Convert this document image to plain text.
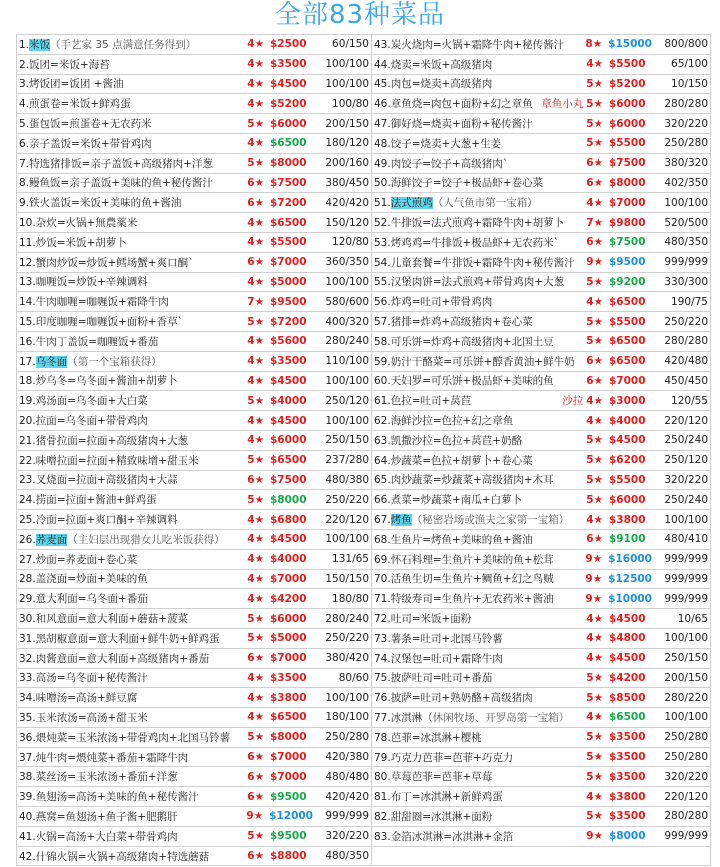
全部83种菜品
1.米饭（手艺家 35 点满意任务得到） 4★ $2500 60/150	43.炭火烧肉=火锅+霜降牛肉+秘传酱汁 8★ $15000 800/800

2.饭团=米饭+海苔 4★ $3500 100/100	44.烧卖=米饭+高级猪肉 4★ $5500 65/100

3.烤饭团=饭团 +酱油 4★ $4500 100/100	45.肉包=烧卖+高级猪肉 5★ $5200 10/150

4.煎蛋卷=米饭+鲜鸡蛋 4★ $5200 100/80	46.章鱼烧=肉包+面粉+幻之章鱼 章鱼小丸 5★ $6000 280/280

5.蛋包饭=煎蛋卷+无农药米 5★ $6000 200/150	47.御好烧=烧卖+面粉+秘传酱汁 5★ $6000 320/220

6.亲子盖饭=米饭+带骨鸡肉 4★ $6500 180/120	48.饺子=烧卖+大葱+生姜 5★ $5500 250/280

7.特选猪排饭=亲子盖饭+高级猪肉+洋葱 5★ $8000 200/160	49.肉饺子=饺子+高级猪肉` 6★ $7500 380/320

8.鳗鱼饭=亲子盖饭+美味的鱼+秘传酱汁 6★ $7500 380/450	50.海鲜饺子=饺子+极品虾+卷心菜 6★ $8000 402/350

9.铁火盖饭=米饭+美味的鱼+酱油 6★ $7200 420/420	51.法式煎鸡（人气鱼市第一宝箱） 4★ $7000 100/100

10.杂炊=火锅+無農薬米 4★ $6500 150/120	52.牛排饭=法式煎鸡+霜降牛肉+胡萝卜 7★ $9800 520/500

11.炒饭=米饭+胡萝卜 4★ $5500 120/80	53.烤鸡鸡=牛排饭+极品虾+无农药米` 6★ $7500 480/350

12.蟹肉炒饭=炒饭+鳕场蟹+爽口酮` 6★ $7000 360/350	54.儿童套餐=牛排饭+霜降牛肉+秘传酱汁 9★ $9500 999/999

13.咖喱饭=炒饭+辛辣调料 4★ $5000 100/100	55.汉堡肉饼=法式煎鸡+带骨鸡肉+大葱 5★ $9200 330/300

14.牛肉咖喱=咖喱饭+霜降牛肉 7★ $9500 580/600	56.炸鸡=吐司+带骨鸡肉 4★ $6500 190/75

15.印度咖喱=咖喱饭+面粉+香草` 5★ $7200 400/320	57.猪排=炸鸡+高级猪肉+卷心菜 5★ $5500 250/220

16.牛肉丁盖饭=咖喱饭+番茄 4★ $5600 280/240	58.可乐饼=炸鸡+高级猪肉+北国土豆 5★ $6500 280/280

17.乌冬面（第一个宝箱获得） 4★ $3500 110/100	59.奶汁干酪菜=可乐饼+醇香黄油+鲜牛奶 6★ $6500 420/480

18.炒乌冬=乌冬面+酱油+胡萝卜 4★ $4500 100/100	60.天妇罗=可乐饼+极品虾+美味的鱼 6★ $7000 450/450

19.鸡汤面=乌冬面+大白菜 5★ $4000 250/120	61.色拉=吐司+莴苣 沙拉 4★ $3000 120/55

20.拉面=乌冬面+带骨鸡肉 4★ $4500 100/100	62.海鲜沙拉=色拉+幻之章鱼 4★ $4000 220/120

21.猪骨拉面=拉面+高级猪肉+大葱 4★ $6000 250/150	63.凯撒沙拉=色拉+莴苣+奶酪 5★ $4500 250/240

22.味噌拉面=拉面+精致味增+甜玉米 5★ $6500 237/280	64.炒蔬菜=色拉+胡萝卜+卷心菜 5★ $6200 250/120

23.叉烧面=拉面+高级猪肉+大蒜 6★ $7500 480/380	65.肉炒蔬菜=炒蔬菜+高级猪肉+木耳 5★ $5500 320/220

24.捞面=拉面+酱油+鲜鸡蛋 5★ $8000 250/220	66.煮菜=炒蔬菜+南瓜+白萝卜 5★ $6000 250/240

25.冷面=拉面+爽口酮+辛辣调料 4★ $6800 220/120	67.烤鱼（秘密岩场或渔夫之家第一宝箱） 4★ $3800 100/100

26.荞麦面（主妇层出现猎女儿吃米饭获得） 4★ $4500 100/100	68.生鱼片=烤鱼+美味的鱼+酱油 6★ $9100 480/410

27.炒面=荞麦面+卷心菜 4★ $4000 131/65	69.怀石料理=生鱼片+美味的鱼+松茸 9★ $16000 999/999

28.盖浇面=炒面+美味的鱼 4★ $7000 150/150	70.活鱼生切=生鱼片+鲷鱼+幻之鸟贼 9★ $12500 999/999

29.意大利面=乌冬面+番茄 4★ $4200 180/80	71.特级寿司=生鱼片+无农药米+酱油 9★ $10000 999/999

30.和风意面=意大利面+蘑菇+菠菜 5★ $6000 280/240	72.吐司=米饭+面粉 4★ $4500 10/65

31.黑胡椒意面=意大利面+鲜牛奶+鲜鸡蛋 5★ $5000 250/220	73.薯条=吐司+北国马铃薯 4★ $4800 100/100

32.肉酱意面=意大利面+高级猪肉+番茄 6★ $7000 380/420	74.汉堡包=吐司+霜降牛肉 4★ $4500 250/150

33.高汤=乌冬面+秘传酱汁 4★ $3500 80/60	75.披萨吐司=吐司+番茄 5★ $4200 200/150

34.味噌汤=高汤+鲜豆腐 4★ $3800 100/100	76.披萨=吐司+熟奶酪+高级猪肉 5★ $8500 280/220

35.玉米浓汤=高汤+甜玉米 4★ $6500 180/100	77.冰淇淋（休闲牧场、开罗岛第一宝箱） 4★ $6500 100/100

36.煨炖菜=玉米浓汤+带骨鸡肉+北国马铃薯 5★ $8000 250/280	78.芭菲=冰淇淋+樱桃 5★ $3500 250/280

37.炖牛肉=煨炖菜+番茄+霜降牛肉 6★ $7000 420/380	79.巧克力芭菲=芭菲+巧克力 5★ $3500 250/280

38.菜丝汤=玉米浓汤+番茄+洋葱 6★ $7000 480/480	80.草莓芭菲=芭菲+草莓 5★ $3500 320/220

39.鱼翅汤=高汤+美味的鱼+秘传酱汁 6★ $9500 420/420	81.布丁=冰淇淋+新鲜鸡蛋 4★ $3800 220/120

40.燕窝=鱼翅汤+鱼子酱+肥鹅肝 9★ $12000 999/999	82.甜甜圈=冰淇淋+面粉 5★ $3500 280/280

41.火锅=高汤+大白菜+带骨鸡肉 5★ $9500 320/220	83.金箔冰淇淋=冰淇淋+金箔 9★ $8000 999/999

42.什锦火锅=火锅+高级猪肉+特选蘑菇 6★ $8800 480/350	
